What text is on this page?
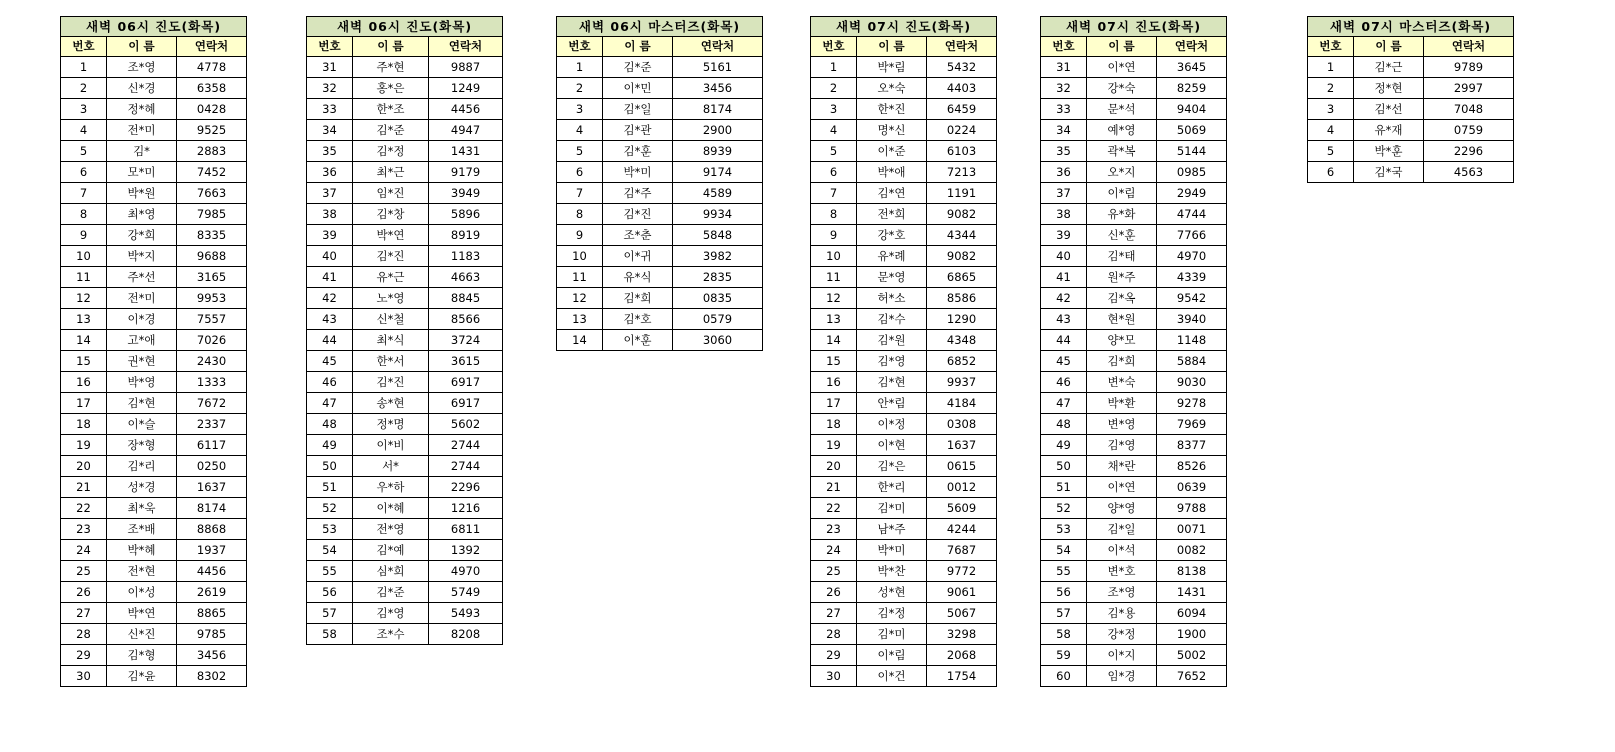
새벽 06시 진도(화목)		
번호	이 름	연락처
1	조*영	4778
2	신*경	6358
3	정*혜	0428
4	전*미	9525
5	김*	2883
6	모*미	7452
7	박*원	7663
8	최*영	7985
9	강*희	8335
10	박*지	9688
11	주*선	3165
12	전*미	9953
13	이*경	7557
14	고*애	7026
15	권*현	2430
16	박*영	1333
17	김*현	7672
18	이*슬	2337
19	장*형	6117
20	김*리	0250
21	성*경	1637
22	최*욱	8174
23	조*배	8868
24	박*혜	1937
25	전*현	4456
26	이*성	2619
27	박*연	8865
28	신*진	9785
29	김*형	3456
30	김*윤	8302
새벽 06시 진도(화목)		
번호	이 름	연락처
31	주*현	9887
32	홍*은	1249
33	한*조	4456
34	김*준	4947
35	김*정	1431
36	최*근	9179
37	임*진	3949
38	김*창	5896
39	박*연	8919
40	김*진	1183
41	유*근	4663
42	노*영	8845
43	신*철	8566
44	최*식	3724
45	한*서	3615
46	김*진	6917
47	송*현	6917
48	정*명	5602
49	이*비	2744
50	서*	2744
51	우*하	2296
52	이*혜	1216
53	전*영	6811
54	김*예	1392
55	심*희	4970
56	김*준	5749
57	김*영	5493
58	조*수	8208
새벽 06시 마스터즈(화목)		
번호	이 름	연락처
1	김*준	5161
2	이*민	3456
3	김*일	8174
4	김*관	2900
5	김*훈	8939
6	박*미	9174
7	김*주	4589
8	김*진	9934
9	조*춘	5848
10	이*귀	3982
11	유*식	2835
12	김*희	0835
13	김*호	0579
14	이*훈	3060
새벽 07시 진도(화목)		
번호	이 름	연락처
1	박*림	5432
2	오*숙	4403
3	한*진	6459
4	명*신	0224
5	이*준	6103
6	박*애	7213
7	김*연	1191
8	전*희	9082
9	강*호	4344
10	유*례	9082
11	문*영	6865
12	허*소	8586
13	김*수	1290
14	김*원	4348
15	김*영	6852
16	김*현	9937
17	안*림	4184
18	이*정	0308
19	이*현	1637
20	김*은	0615
21	한*리	0012
22	김*미	5609
23	남*주	4244
24	박*미	7687
25	박*찬	9772
26	성*현	9061
27	김*정	5067
28	김*미	3298
29	이*림	2068
30	이*건	1754
새벽 07시 진도(화목)		
번호	이 름	연락처
31	이*연	3645
32	강*숙	8259
33	문*석	9404
34	예*영	5069
35	곽*복	5144
36	오*지	0985
37	이*림	2949
38	유*화	4744
39	신*훈	7766
40	김*태	4970
41	원*주	4339
42	김*옥	9542
43	현*원	3940
44	양*모	1148
45	김*희	5884
46	변*숙	9030
47	박*환	9278
48	변*영	7969
49	김*영	8377
50	채*란	8526
51	이*연	0639
52	양*영	9788
53	김*일	0071
54	이*석	0082
55	변*호	8138
56	조*영	1431
57	김*용	6094
58	강*정	1900
59	이*지	5002
60	임*경	7652
새벽 07시 마스터즈(화목)		
번호	이 름	연락처
1	김*근	9789
2	정*현	2997
3	김*선	7048
4	유*재	0759
5	박*훈	2296
6	김*국	4563
